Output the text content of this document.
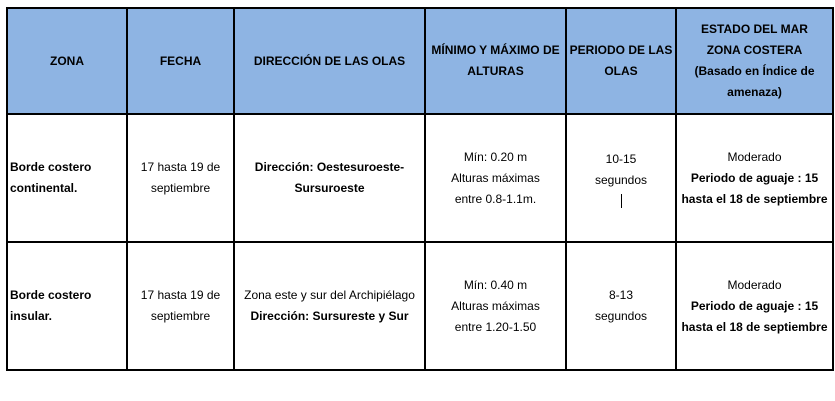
ZONA	FECHA	DIRECCIÓN DE LAS OLAS	MÍNIMO Y MÁXIMO DE ALTURAS	PERIODO DE LAS OLAS	ESTADO DEL MAR
ZONA COSTERA
(Basado en Índice de amenaza)

Borde costero continental.	17 hasta 19 de septiembre	Dirección: Oestesuroeste-Sursuroeste	Mín: 0.20 m
Alturas máximas
entre 0.8-1.1m.	10-15
segundos	Moderado
Periodo de aguaje : 15 hasta el 18 de septiembre

Borde costero insular.	17 hasta 19 de septiembre	Zona este y sur del Archipiélago
Dirección: Sursureste y Sur	Mín: 0.40 m
Alturas máximas
entre 1.20-1.50	8-13
segundos	Moderado
Periodo de aguaje : 15 hasta el 18 de septiembre
